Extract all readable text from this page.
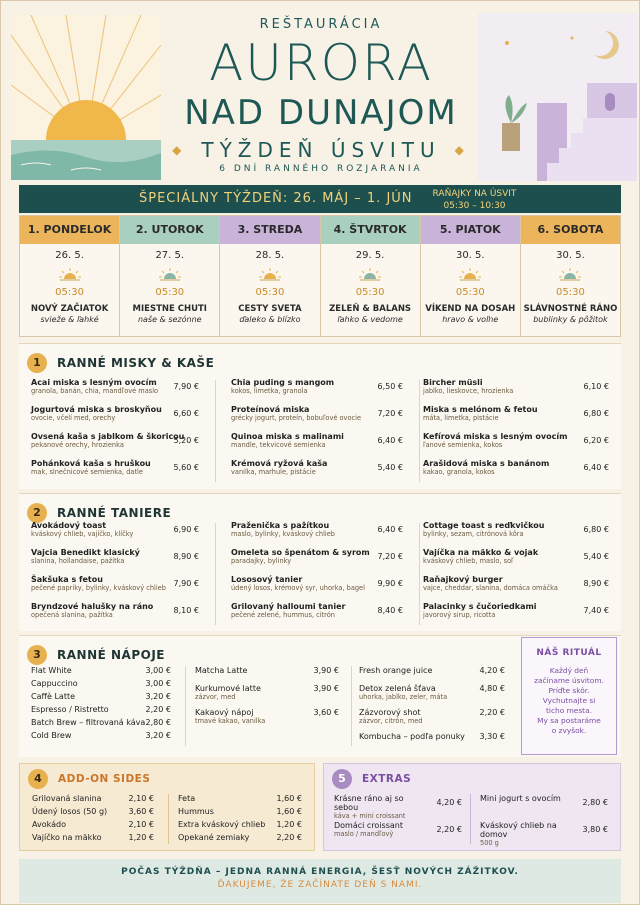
REŠTAURÁCIA
AURORA
NAD DUNAJOM
◆ TÝŽDEŇ ÚSVITU ◆
6 DNÍ RANNÉHO ROZJARANIA
ŠPECIÁLNY TÝŽDEŇ: 26. MÁJ – 1. JÚN	RAŇAJKY NA ÚSVIT
05:30 – 10:30
1. PONDELOK
26. 5.
05:30
NOVÝ ZAČIATOK
svieže & ľahké
2. UTOROK
27. 5.
05:30
MIESTNE CHUTI
naše & sezónne
3. STREDA
28. 5.
05:30
CESTY SVETA
ďaleko & blízko
4. ŠTVRTOK
29. 5.
05:30
ZELEŇ & BALANS
ľahko & vedome
5. PIATOK
30. 5.
05:30
VÍKEND NA DOSAH
hravo & voľne
6. SOBOTA
30. 5.
05:30
SLÁVNOSTNÉ RÁNO
bublinky & pôžitok
1	RANNÉ MISKY & KAŠE
Acai miska s lesným ovocím
granola, banán, chia, mandľové maslo	7,90 €
Jogurtová miska s broskyňou
ovocie, včelí med, orechy	6,60 €
Ovsená kaša s jablkom & škoricou
pekanové orechy, hrozienka	5,20 €
Pohánková kaša s hruškou
mak, slnečnicové semienka, datle	5,60 €
Chia puding s mangom
kokos, limetka, granola	6,50 €
Proteínová miska
grécky jogurt, proteín, bobuľové ovocie	7,20 €
Quinoa miska s malinami
mandle, tekvicové semienka	6,40 €
Krémová ryžová kaša
vanilka, marhule, pistácie	5,40 €
Bircher müsli
jablko, lieskovce, hrozienka	6,10 €
Miska s melónom & fetou
máta, limetka, pistácie	6,80 €
Kefírová miska s lesným ovocím
ľanové semienka, kokos	6,20 €
Arašidová miska s banánom
kakao, granola, kokos	6,40 €
2	RANNÉ TANIERE
Avokádový toast
kváskový chlieb, vajíčko, klíčky	6,90 €
Vajcia Benedikt klasický
slanina, hollandaise, pažítka	8,90 €
Šakšuka s fetou
pečené papriky, bylinky, kváskový chlieb 7,90 €
Bryndzové halušky na ráno
opečená slanina, pažítka	8,10 €
Praženička s pažítkou
maslo, bylinky, kváskový chlieb	6,40 €
Omeleta so špenátom & syrom
paradajky, bylinky	7,20 €
Lososový tanier
údený losos, krémový syr, uhorka, bagel	9,90 €
Grilovaný halloumi tanier
pečené zelené, hummus, citrón	8,40 €
Cottage toast s reďkvičkou
bylinky, sezam, citrónová kôra	6,80 €
Vajíčka na mäkko & vojak
kváskový chlieb, maslo, soľ	5,40 €
Raňajkový burger
vajce, cheddar, slanina, domáca omáčka	8,90 €
Palacinky s čučoriedkami
javorový sirup, ricotta	7,40 €
3	RANNÉ NÁPOJE
Flat White	3,00 €
Cappuccino	3,00 €
Caffè Latte	3,20 €
Espresso / Ristretto	2,20 €
Batch Brew – filtrovaná káva 2,80 €
Cold Brew	3,20 €
Matcha Latte	3,90 €
Kurkumové latte
zázvor, med
3,90 €
Kakaový nápoj
tmavé kakao, vanilka
3,60 €
Fresh orange juice	4,20 €
Detox zelená šťava
uhorka, jablko, zeler, máta
4,80 €
Zázvorový shot
zázvor, citrón, med
2,20 €
Kombucha – podľa ponuky	3,30 €
NÁŠ RITUÁL
Každý deň
začíname úsvitom.
Príďte skôr.
Vychutnajte si
ticho mesta.
My sa postaráme
o zvyšok.
4	ADD-ON SIDES
Grilovaná slanina	2,10 €
Údený losos (50 g)	3,60 €
Avokádo	2,10 €
Vajíčko na mäkko	1,20 €
Feta	1,60 €
Hummus	1,60 €
Extra kváskový chlieb	1,20 €
Opekané zemiaky	2,20 €
5	EXTRAS
Krásne ráno aj so sebou
káva + mini croissant
4,20 €
Domáci croissant
maslo / mandľový	2,20 €
Mini jogurt s ovocím	2,80 €
Kváskový chlieb na domov
500 g
3,80 €
POČAS TÝŽDŇA – JEDNA RANNÁ ENERGIA, ŠESŤ NOVÝCH ZÁŽITKOV.
ĎAKUJEME, ŽE ZAČÍNATE DEŇ S NAMI.
